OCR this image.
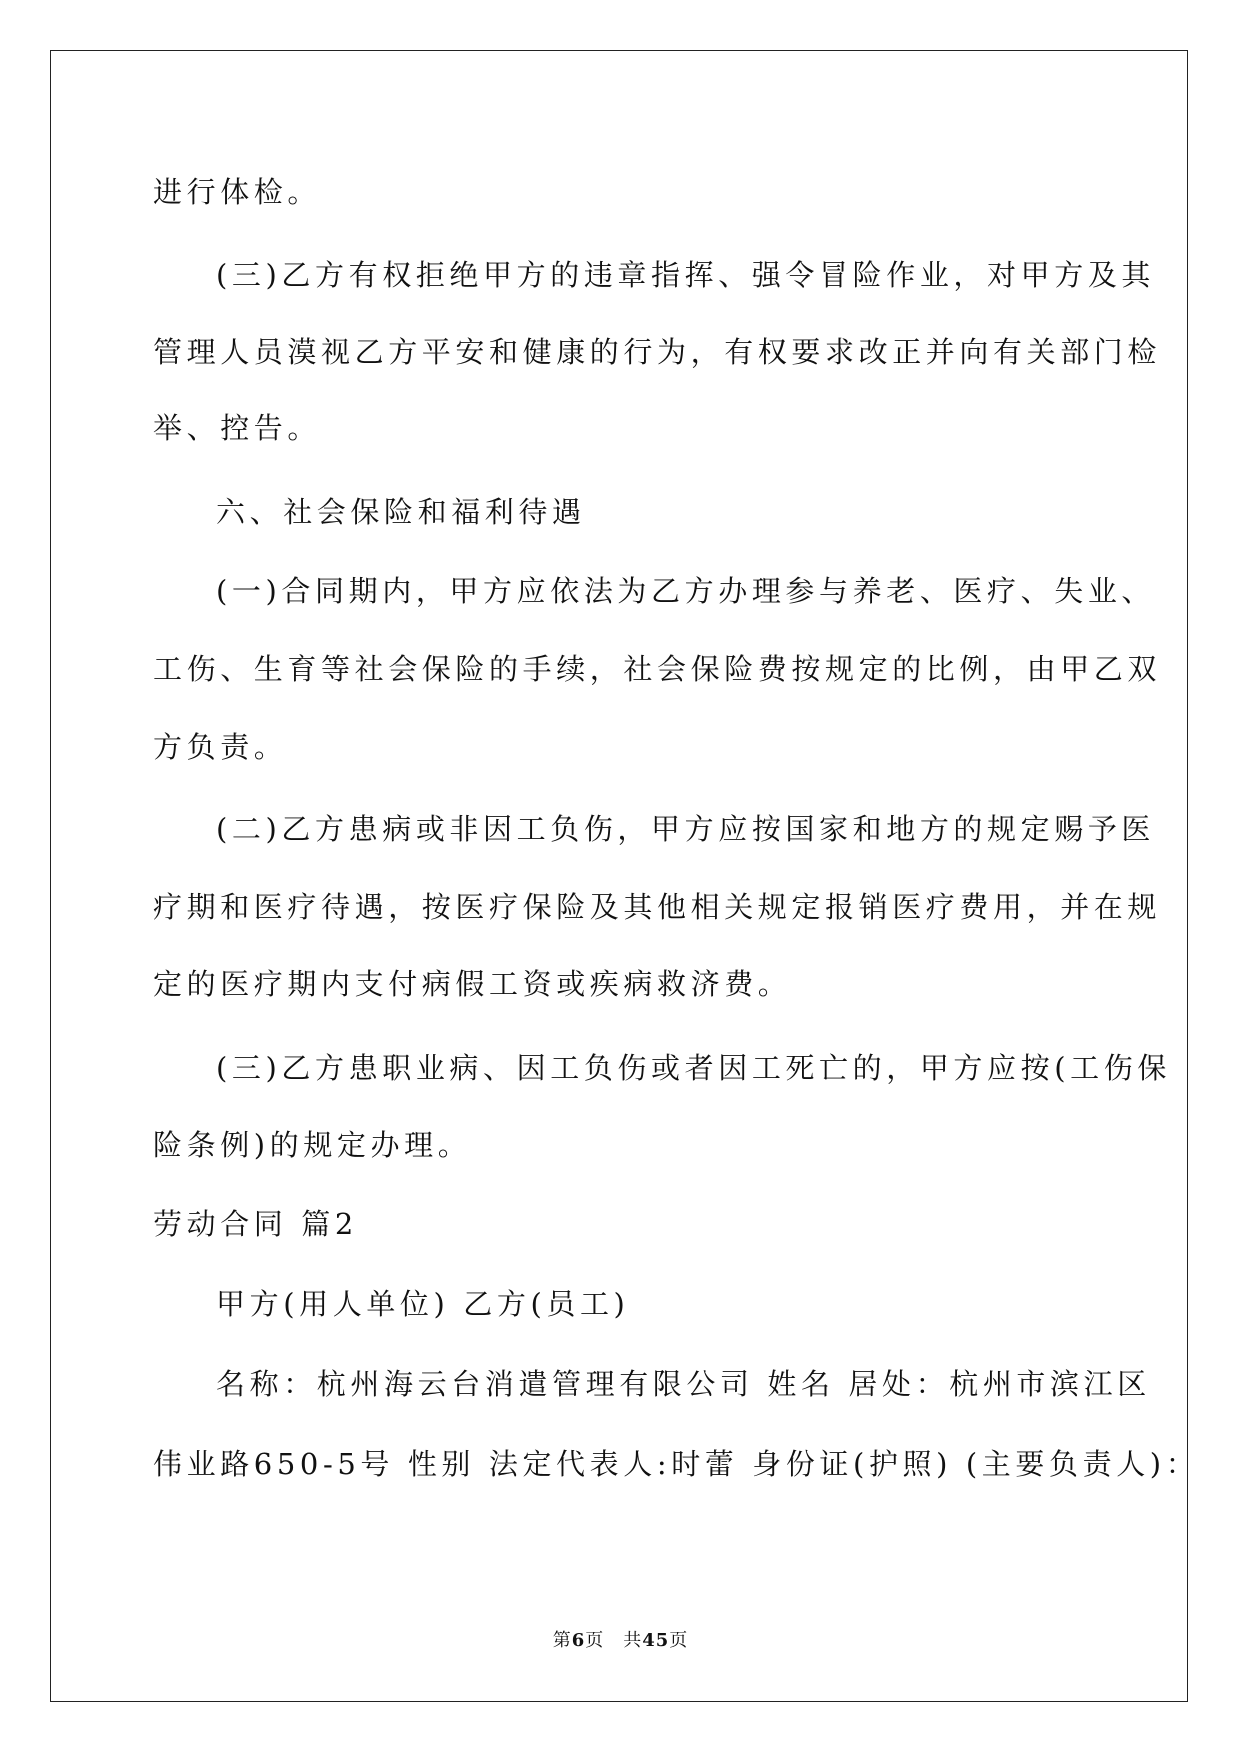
进行体检。
(三)乙方有权拒绝甲方的违章指挥、强令冒险作业，对甲方及其
管理人员漠视乙方平安和健康的行为，有权要求改正并向有关部门检
举、控告。
六、社会保险和福利待遇
(一)合同期内，甲方应依法为乙方办理参与养老、医疗、失业、
工伤、生育等社会保险的手续，社会保险费按规定的比例，由甲乙双
方负责。
(二)乙方患病或非因工负伤，甲方应按国家和地方的规定赐予医
疗期和医疗待遇，按医疗保险及其他相关规定报销医疗费用，并在规
定的医疗期内支付病假工资或疾病救济费。
(三)乙方患职业病、因工负伤或者因工死亡的，甲方应按(工伤保
险条例)的规定办理。
劳动合同 篇2
甲方(用人单位) 乙方(员工)
名称：杭州海云台消遣管理有限公司 姓名 居处：杭州市滨江区
伟业路650-5号 性别 法定代表人:时蕾 身份证(护照) (主要负责人)：
第6页　共45页
